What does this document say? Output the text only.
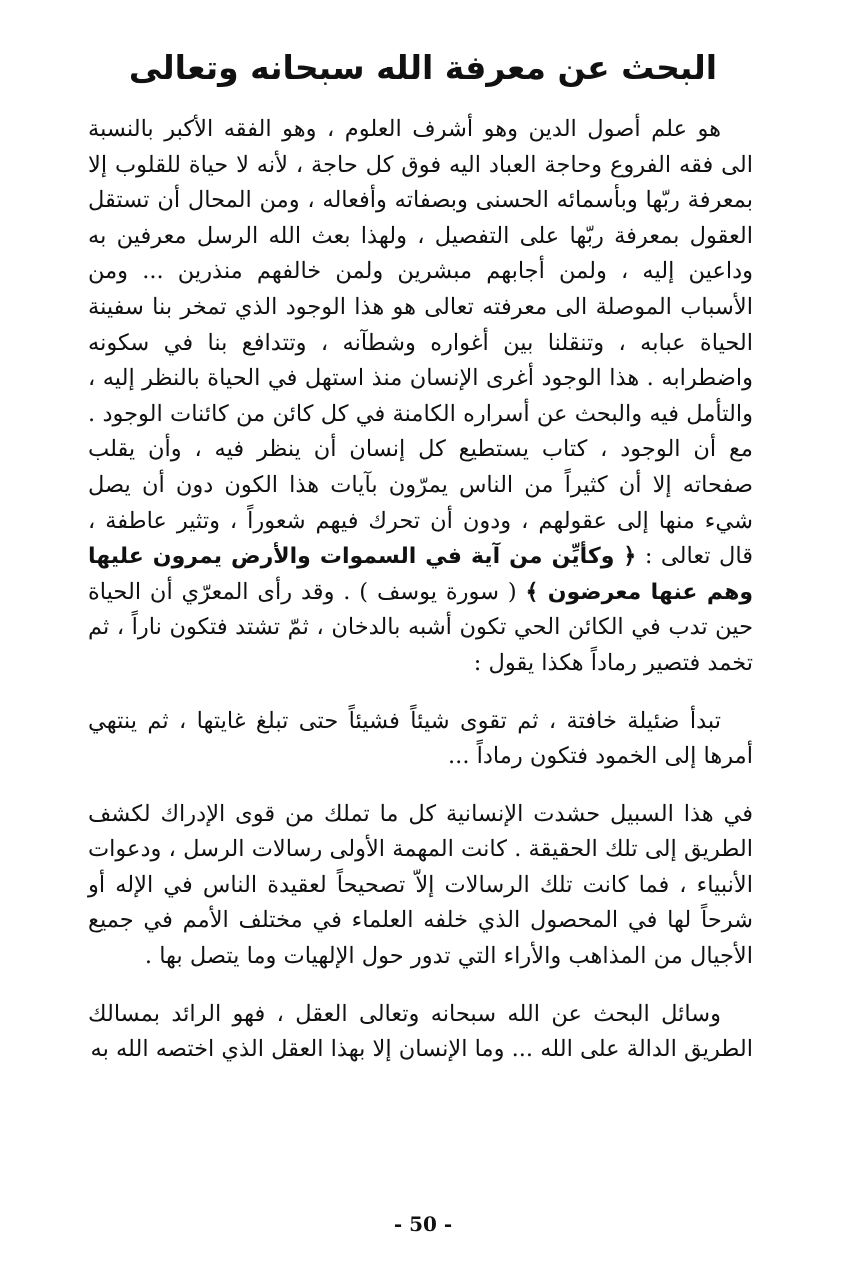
البحث عن معرفة الله سبحانه وتعالى

هو علم أصول الدين وهو أشرف العلوم ، وهو الفقه الأكبر بالنسبة الى فقه الفروع وحاجة العباد اليه فوق كل حاجة ، لأنه لا حياة للقلوب إلا بمعرفة ربّها وبأسمائه الحسنى وبصفاته وأفعاله ، ومن المحال أن تستقل العقول بمعرفة ربّها على التفصيل ، ولهذا بعث الله الرسل معرفين به وداعين إليه ، ولمن أجابهم مبشرين ولمن خالفهم منذرين ... ومن الأسباب الموصلة الى معرفته تعالى هو هذا الوجود الذي تمخر بنا سفينة الحياة عبابه ، وتنقلنا بين أغواره وشطآنه ، وتتدافع بنا في سكونه واضطرابه . هذا الوجود أغرى الإنسان منذ استهل في الحياة بالنظر إليه ، والتأمل فيه والبحث عن أسراره الكامنة في كل كائن من كائنات الوجود . مع أن الوجود ، كتاب يستطيع كل إنسان أن ينظر فيه ، وأن يقلب صفحاته إلا أن كثيراً من الناس يمرّون بآيات هذا الكون دون أن يصل شيء منها إلى عقولهم ، ودون أن تحرك فيهم شعوراً ، وتثير عاطفة ، قال تعالى : ﴿ وكأيِّن من آية في السموات والأرض يمرون عليها وهم عنها معرضون ﴾ ( سورة يوسف ) . وقد رأى المعرّي أن الحياة حين تدب في الكائن الحي تكون أشبه بالدخان ، ثمّ تشتد فتكون ناراً ، ثم تخمد فتصير رماداً هكذا يقول :

تبدأ ضئيلة خافتة ، ثم تقوى شيئاً فشيئاً حتى تبلغ غايتها ، ثم ينتهي أمرها إلى الخمود فتكون رماداً ...

في هذا السبيل حشدت الإنسانية كل ما تملك من قوى الإدراك لكشف الطريق إلى تلك الحقيقة . كانت المهمة الأولى رسالات الرسل ، ودعوات الأنبياء ، فما كانت تلك الرسالات إلاّ تصحيحاً لعقيدة الناس في الإله أو شرحاً لها في المحصول الذي خلفه العلماء في مختلف الأمم في جميع الأجيال من المذاهب والأراء التي تدور حول الإلهيات وما يتصل بها .

وسائل البحث عن الله سبحانه وتعالى العقل ، فهو الرائد بمسالك الطريق الدالة على الله ... وما الإنسان إلا بهذا العقل الذي اختصه الله به

- 50 -
